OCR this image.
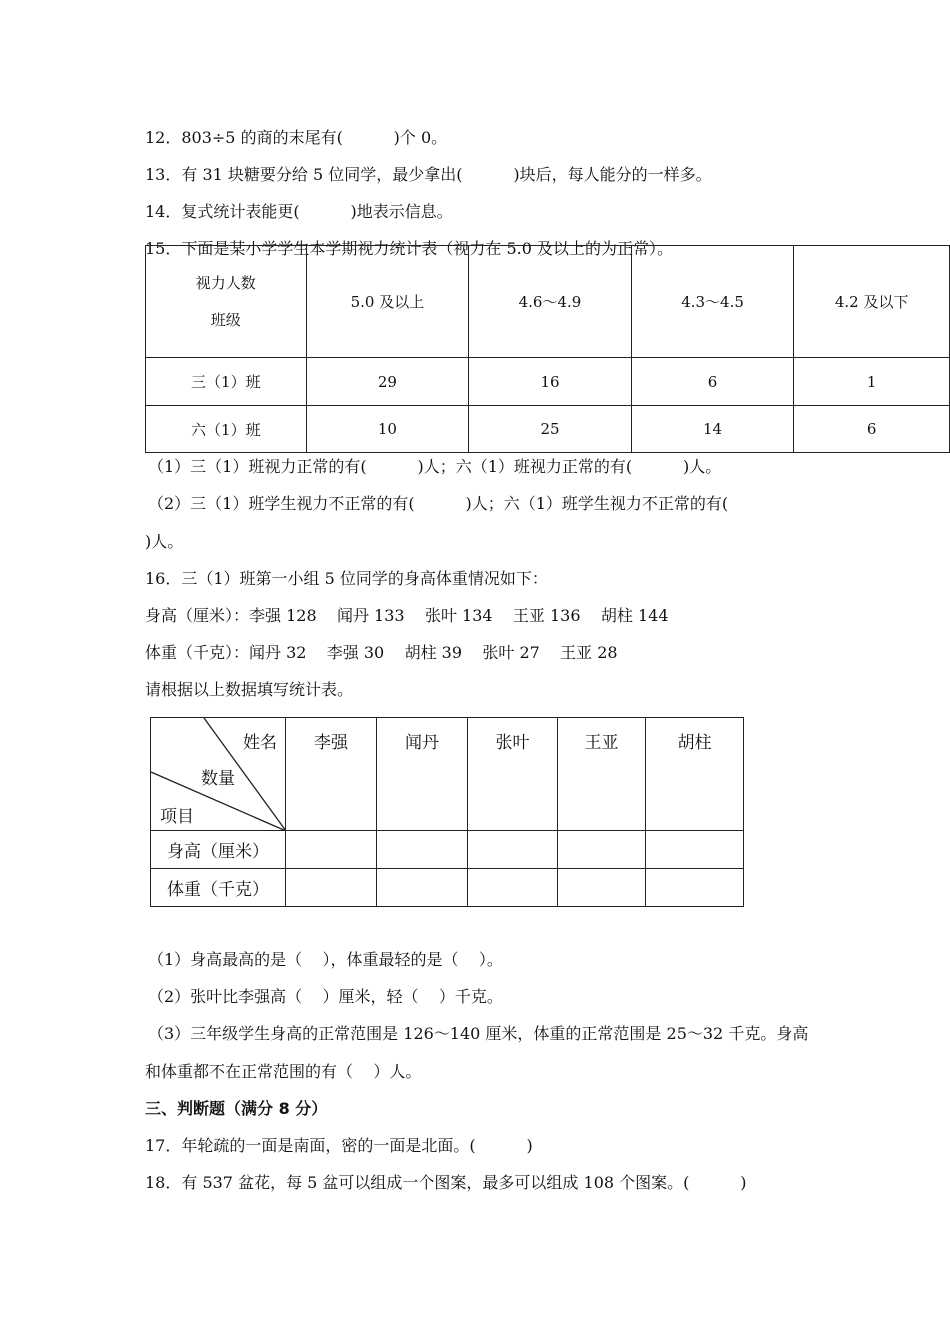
12．803÷5 的商的末尾有(          )个 0。
13．有 31 块糖要分给 5 位同学，最少拿出(          )块后，每人能分的一样多。
14．复式统计表能更(          )地表示信息。
15．下面是某小学学生本学期视力统计表（视力在 5.0 及以上的为正常）。
视力人数
班级	5.0 及以上	4.6～4.9	4.3～4.5	4.2 及以下
三（1）班	29	16	6	1
六（1）班	10	25	14	6
（1）三（1）班视力正常的有(          )人；六（1）班视力正常的有(          )人。
（2）三（1）班学生视力不正常的有(          )人；六（1）班学生视力不正常的有(
)人。
16．三（1）班第一小组 5 位同学的身高体重情况如下：
身高（厘米）：李强 128    闻丹 133    张叶 134    王亚 136    胡柱 144
体重（千克）：闻丹 32    李强 30    胡柱 39    张叶 27    王亚 28
请根据以上数据填写统计表。
姓名
数量
项目	李强	闻丹	张叶	王亚	胡柱
身高（厘米）					
体重（千克）					
（1）身高最高的是（    ），体重最轻的是（    ）。
（2）张叶比李强高（    ）厘米，轻（    ）千克。
（3）三年级学生身高的正常范围是 126～140 厘米，体重的正常范围是 25～32 千克。身高
和体重都不在正常范围的有（    ）人。
三、判断题（满分 8 分）
17．年轮疏的一面是南面，密的一面是北面。(          )
18．有 537 盆花，每 5 盆可以组成一个图案，最多可以组成 108 个图案。(          )
